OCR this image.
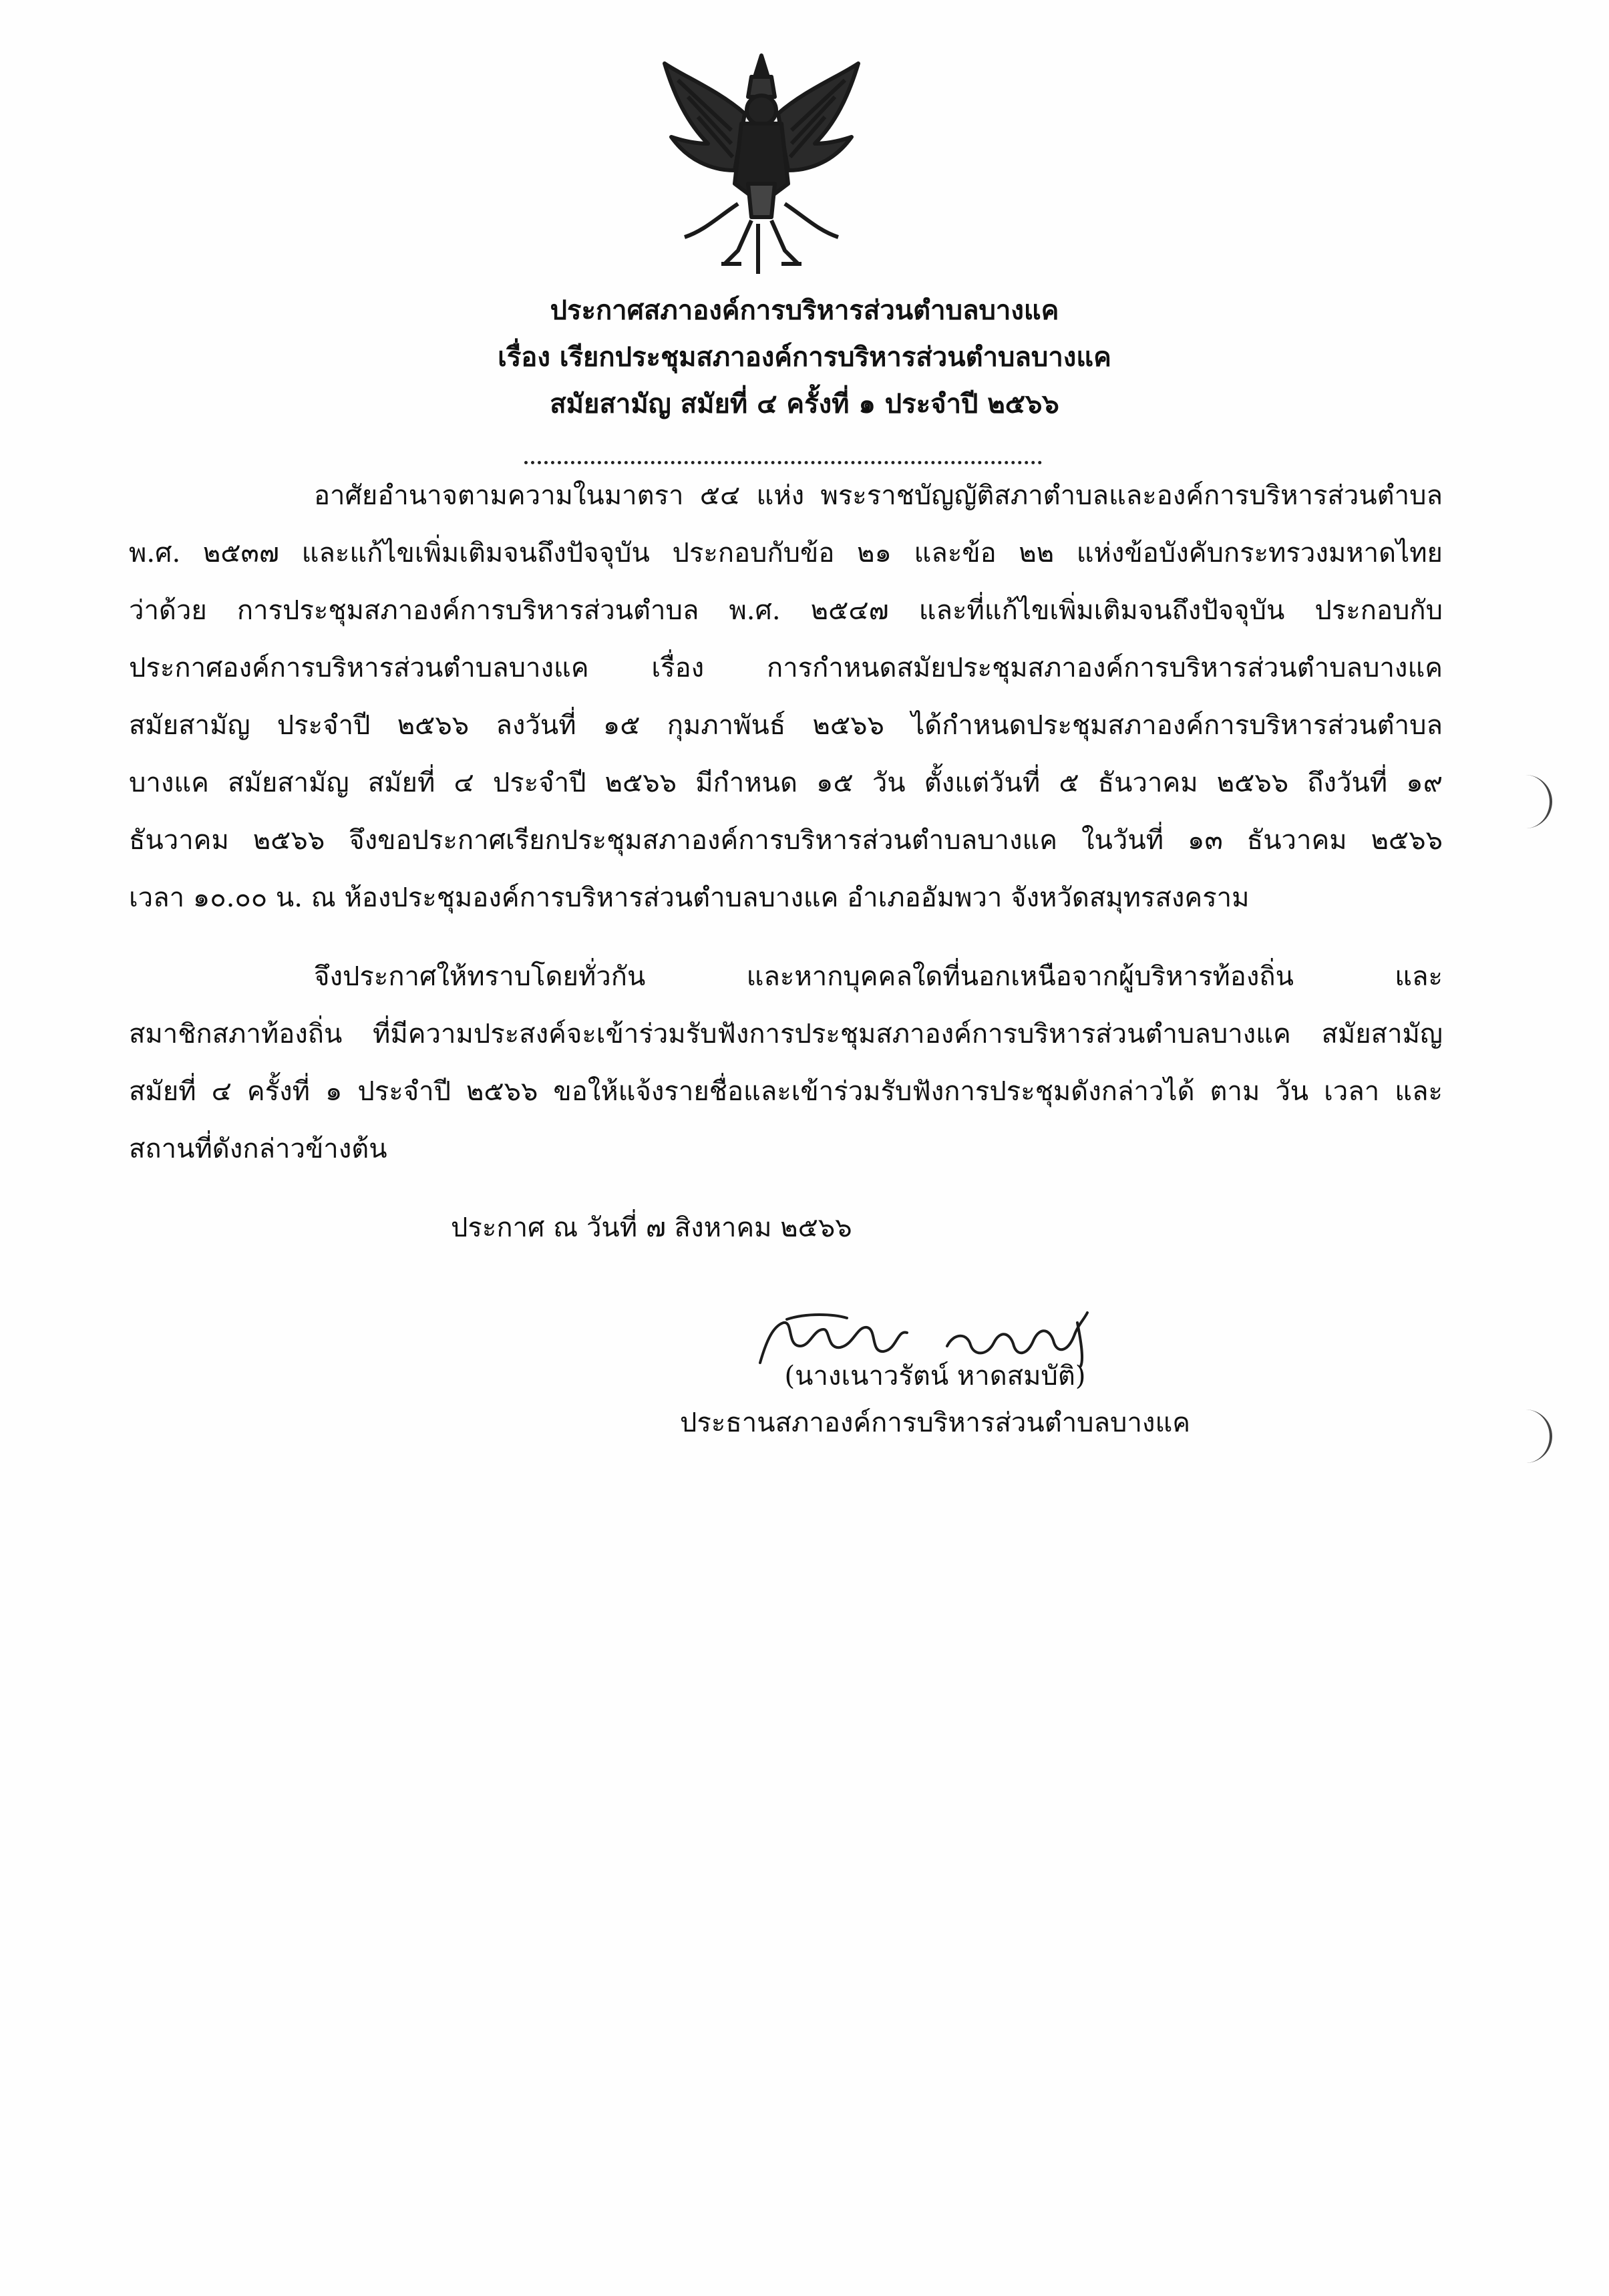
ประกาศสภาองค์การบริหารส่วนตำบลบางแค
เรื่อง เรียกประชุมสภาองค์การบริหารส่วนตำบลบางแค
สมัยสามัญ สมัยที่ ๔ ครั้งที่ ๑ ประจำปี ๒๕๖๖
อาศัยอำนาจตามความในมาตรา ๕๔ แห่ง พระราชบัญญัติสภาตำบลและองค์การบริหารส่วนตำบล
พ.ศ. ๒๕๓๗ และแก้ไขเพิ่มเติมจนถึงปัจจุบัน ประกอบกับข้อ ๒๑ และข้อ ๒๒ แห่งข้อบังคับกระทรวงมหาดไทย
ว่าด้วย การประชุมสภาองค์การบริหารส่วนตำบล พ.ศ. ๒๕๔๗ และที่แก้ไขเพิ่มเติมจนถึงปัจจุบัน ประกอบกับ
ประกาศองค์การบริหารส่วนตำบลบางแค เรื่อง การกำหนดสมัยประชุมสภาองค์การบริหารส่วนตำบลบางแค
สมัยสามัญ ประจำปี ๒๕๖๖ ลงวันที่ ๑๕ กุมภาพันธ์ ๒๕๖๖ ได้กำหนดประชุมสภาองค์การบริหารส่วนตำบล
บางแค สมัยสามัญ สมัยที่ ๔ ประจำปี ๒๕๖๖ มีกำหนด ๑๕ วัน ตั้งแต่วันที่ ๕ ธันวาคม ๒๕๖๖ ถึงวันที่ ๑๙
ธันวาคม ๒๕๖๖ จึงขอประกาศเรียกประชุมสภาองค์การบริหารส่วนตำบลบางแค ในวันที่ ๑๓ ธันวาคม ๒๕๖๖
เวลา ๑๐.๐๐ น. ณ ห้องประชุมองค์การบริหารส่วนตำบลบางแค อำเภออัมพวา จังหวัดสมุทรสงคราม
จึงประกาศให้ทราบโดยทั่วกัน และหากบุคคลใดที่นอกเหนือจากผู้บริหารท้องถิ่น และ
สมาชิกสภาท้องถิ่น ที่มีความประสงค์จะเข้าร่วมรับฟังการประชุมสภาองค์การบริหารส่วนตำบลบางแค สมัยสามัญ
สมัยที่ ๔ ครั้งที่ ๑ ประจำปี ๒๕๖๖ ขอให้แจ้งรายชื่อและเข้าร่วมรับฟังการประชุมดังกล่าวได้ ตาม วัน เวลา และ
สถานที่ดังกล่าวข้างต้น
ประกาศ ณ วันที่ ๗ สิงหาคม ๒๕๖๖
(นางเนาวรัตน์ หาดสมบัติ)
ประธานสภาองค์การบริหารส่วนตำบลบางแค
